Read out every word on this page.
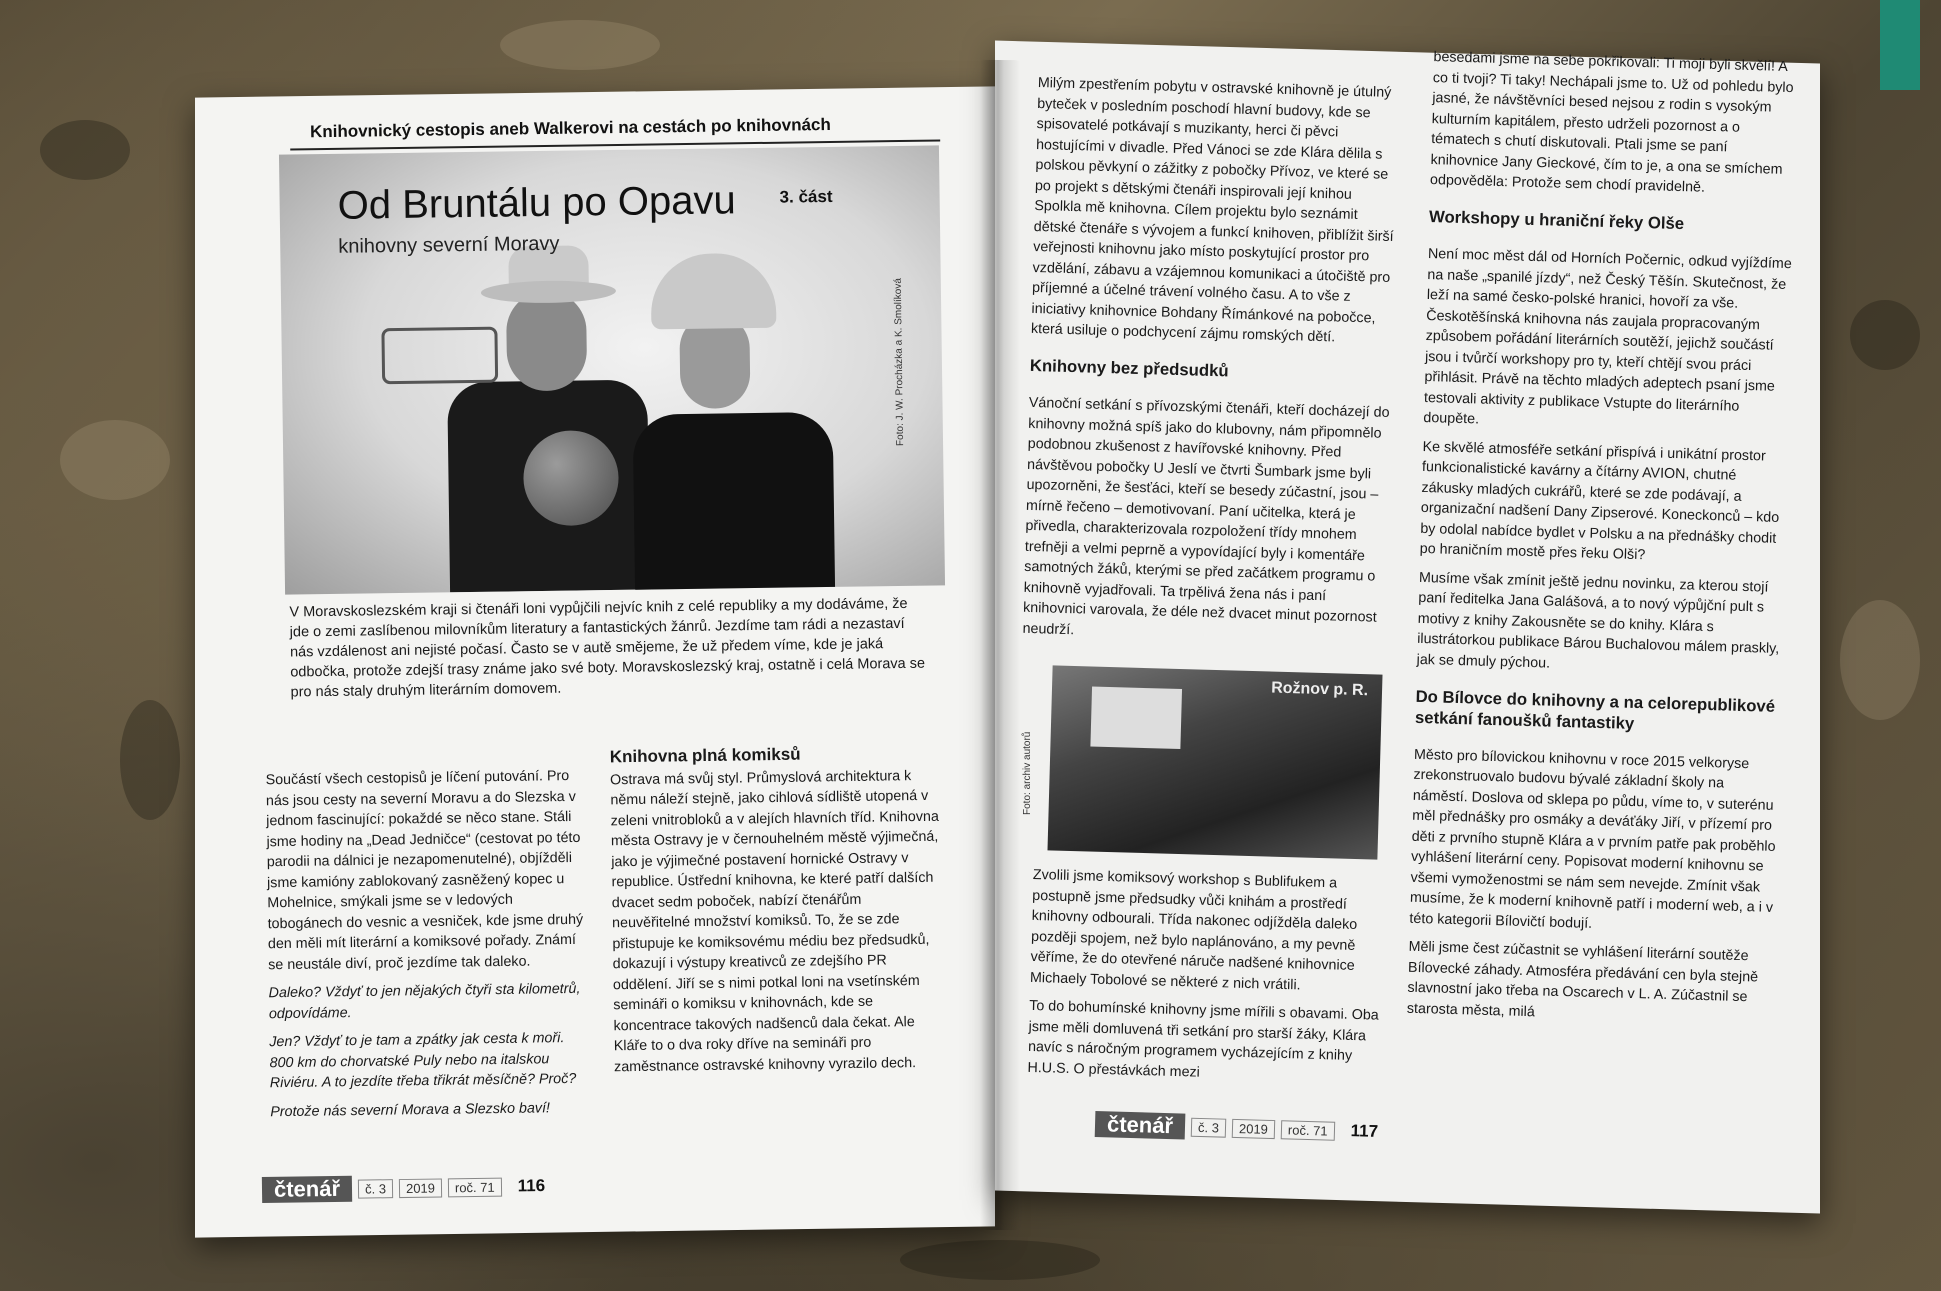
Knihovnický cestopis aneb Walkerovi na cestách po knihovnách
Od Bruntálu po Opavu
knihovny severní Moravy
3. část
Foto: J. W. Procházka a K. Smolíková
V Moravskoslezském kraji si čtenáři loni vypůjčili nejvíc knih z celé republiky a my dodáváme, že jde o zemi zaslíbenou milovníkům literatury a fantastických žánrů. Jezdíme tam rádi a nezastaví nás vzdálenost ani nejisté počasí. Často se v autě smějeme, že už předem víme, kde je jaká odbočka, protože zdejší trasy známe jako své boty. Moravskoslezský kraj, ostatně i celá Morava se pro nás staly druhým literárním domovem.

Součástí všech cestopisů je líčení putování. Pro nás jsou cesty na severní Moravu a do Slezska v jednom fascinující: pokaždé se něco stane. Stáli jsme hodiny na „Dead Jedničce“ (cestovat po této parodii na dálnici je nezapomenutelné), objížděli jsme kamióny zablokovaný zasněžený kopec u Mohelnice, smýkali jsme se v ledových tobogánech do vesnic a vesniček, kde jsme druhý den měli mít literární a komiksové pořady. Známí se neustále diví, proč jezdíme tak daleko.

Daleko? Vždyť to jen nějakých čtyři sta kilometrů, odpovídáme.

Jen? Vždyť to je tam a zpátky jak cesta k moři. 800 km do chorvatské Puly nebo na italskou Riviéru. A to jezdíte třeba třikrát měsíčně? Proč?

Protože nás severní Morava a Slezsko baví!

Knihovna plná komiksů

Ostrava má svůj styl. Průmyslová architektura k němu náleží stejně, jako cihlová sídliště utopená v zeleni vnitrobloků a v alejích hlavních tříd. Knihovna města Ostravy je v černouhelném městě výjimečná, jako je výjimečné postavení hornické Ostravy v republice. Ústřední knihovna, ke které patří dalších dvacet sedm poboček, nabízí čtenářům neuvěřitelné množství komiksů. To, že se zde přistupuje ke komiksovému médiu bez předsudků, dokazují i výstupy kreativců ze zdejšího PR oddělení. Jiří se s nimi potkal loni na vsetínském semináři o komiksu v knihovnách, kde se koncentrace takových nadšenců dala čekat. Ale Kláře to o dva roky dříve na semináři pro zaměstnance ostravské knihovny vyrazilo dech.

čtenář	č. 3	2019	roč. 71	116

Milým zpestřením pobytu v ostravské knihovně je útulný byteček v posledním poschodí hlavní budovy, kde se spisovatelé potkávají s muzikanty, herci či pěvci hostujícími v divadle. Před Vánoci se zde Klára dělila s polskou pěvkyní o zážitky z pobočky Přívoz, ve které se po projekt s dětskými čtenáři inspirovali její knihou Spolkla mě knihovna. Cílem projektu bylo seznámit dětské čtenáře s vývojem a funkcí knihoven, přiblížit širší veřejnosti knihovnu jako místo poskytující prostor pro vzdělání, zábavu a vzájemnou komunikaci a útočiště pro příjemné a účelné trávení volného času. A to vše z iniciativy knihovnice Bohdany Římánkové na pobočce, která usiluje o podchycení zájmu romských dětí.

Knihovny bez předsudků

Vánoční setkání s přívozskými čtenáři, kteří docházejí do knihovny možná spíš jako do klubovny, nám připomnělo podobnou zkušenost z havířovské knihovny. Před návštěvou pobočky U Jeslí ve čtvrti Šumbark jsme byli upozorněni, že šesťáci, kteří se besedy zúčastní, jsou – mírně řečeno – demotivovaní. Paní učitelka, která je přivedla, charakterizovala rozpoložení třídy mnohem trefněji a velmi peprně a vypovídající byly i komentáře samotných žáků, kterými se před začátkem programu o knihovně vyjadřovali. Ta trpělivá žena nás i paní knihovnici varovala, že déle než dvacet minut pozornost neudrží.

Rožnov p. R.
Foto: archiv autorů

Zvolili jsme komiksový workshop s Bublifukem a postupně jsme předsudky vůči knihám a prostředí knihovny odbourali. Třída nakonec odjížděla daleko později spojem, než bylo naplánováno, a my pevně věříme, že do otevřené náruče nadšené knihovnice Michaely Tobolové se některé z nich vrátili.

To do bohumínské knihovny jsme mířili s obavami. Oba jsme měli domluvená tři setkání pro starší žáky, Klára navíc s náročným programem vycházejícím z knihy H.U.S. O přestávkách mezi

besedami jsme na sebe pokřikovali: Ti moji byli skvělí! A co ti tvoji? Ti taky! Nechápali jsme to. Už od pohledu bylo jasné, že návštěvníci besed nejsou z rodin s vysokým kulturním kapitálem, přesto udrželi pozornost a o tématech s chutí diskutovali. Ptali jsme se paní knihovnice Jany Gieckové, čím to je, a ona se smíchem odpověděla: Protože sem chodí pravidelně.

Workshopy u hraniční řeky Olše

Není moc měst dál od Horních Počernic, odkud vyjíždíme na naše „spanilé jízdy“, než Český Těšín. Skutečnost, že leží na samé česko-polské hranici, hovoří za vše. Českotěšínská knihovna nás zaujala propracovaným způsobem pořádání literárních soutěží, jejichž součástí jsou i tvůrčí workshopy pro ty, kteří chtějí svou práci přihlásit. Právě na těchto mladých adeptech psaní jsme testovali aktivity z publikace Vstupte do literárního doupěte.

Ke skvělé atmosféře setkání přispívá i unikátní prostor funkcionalistické kavárny a čítárny AVION, chutné zákusky mladých cukrářů, které se zde podávají, a organizační nadšení Dany Zipserové. Koneckonců – kdo by odolal nabídce bydlet v Polsku a na přednášky chodit po hraničním mostě přes řeku Olši?

Musíme však zmínit ještě jednu novinku, za kterou stojí paní ředitelka Jana Galášová, a to nový výpůjční pult s motivy z knihy Zakousněte se do knihy. Klára s ilustrátorkou publikace Bárou Buchalovou málem praskly, jak se dmuly pýchou.

Do Bílovce do knihovny a na celorepublikové setkání fanoušků fantastiky

Město pro bílovickou knihovnu v roce 2015 velkoryse zrekonstruovalo budovu bývalé základní školy na náměstí. Doslova od sklepa po půdu, víme to, v suterénu měl přednášky pro osmáky a deváťáky Jiří, v přízemí pro děti z prvního stupně Klára a v prvním patře pak proběhlo vyhlášení literární ceny. Popisovat moderní knihovnu se všemi vymoženostmi se nám sem nevejde. Zmínit však musíme, že k moderní knihovně patří i moderní web, a i v této kategorii Bílovičtí bodují.

Měli jsme čest zúčastnit se vyhlášení literární soutěže Bílovecké záhady. Atmosféra předávání cen byla stejně slavnostní jako třeba na Oscarech v L. A. Zúčastnil se starosta města, milá

čtenář	č. 3	2019	roč. 71	117
